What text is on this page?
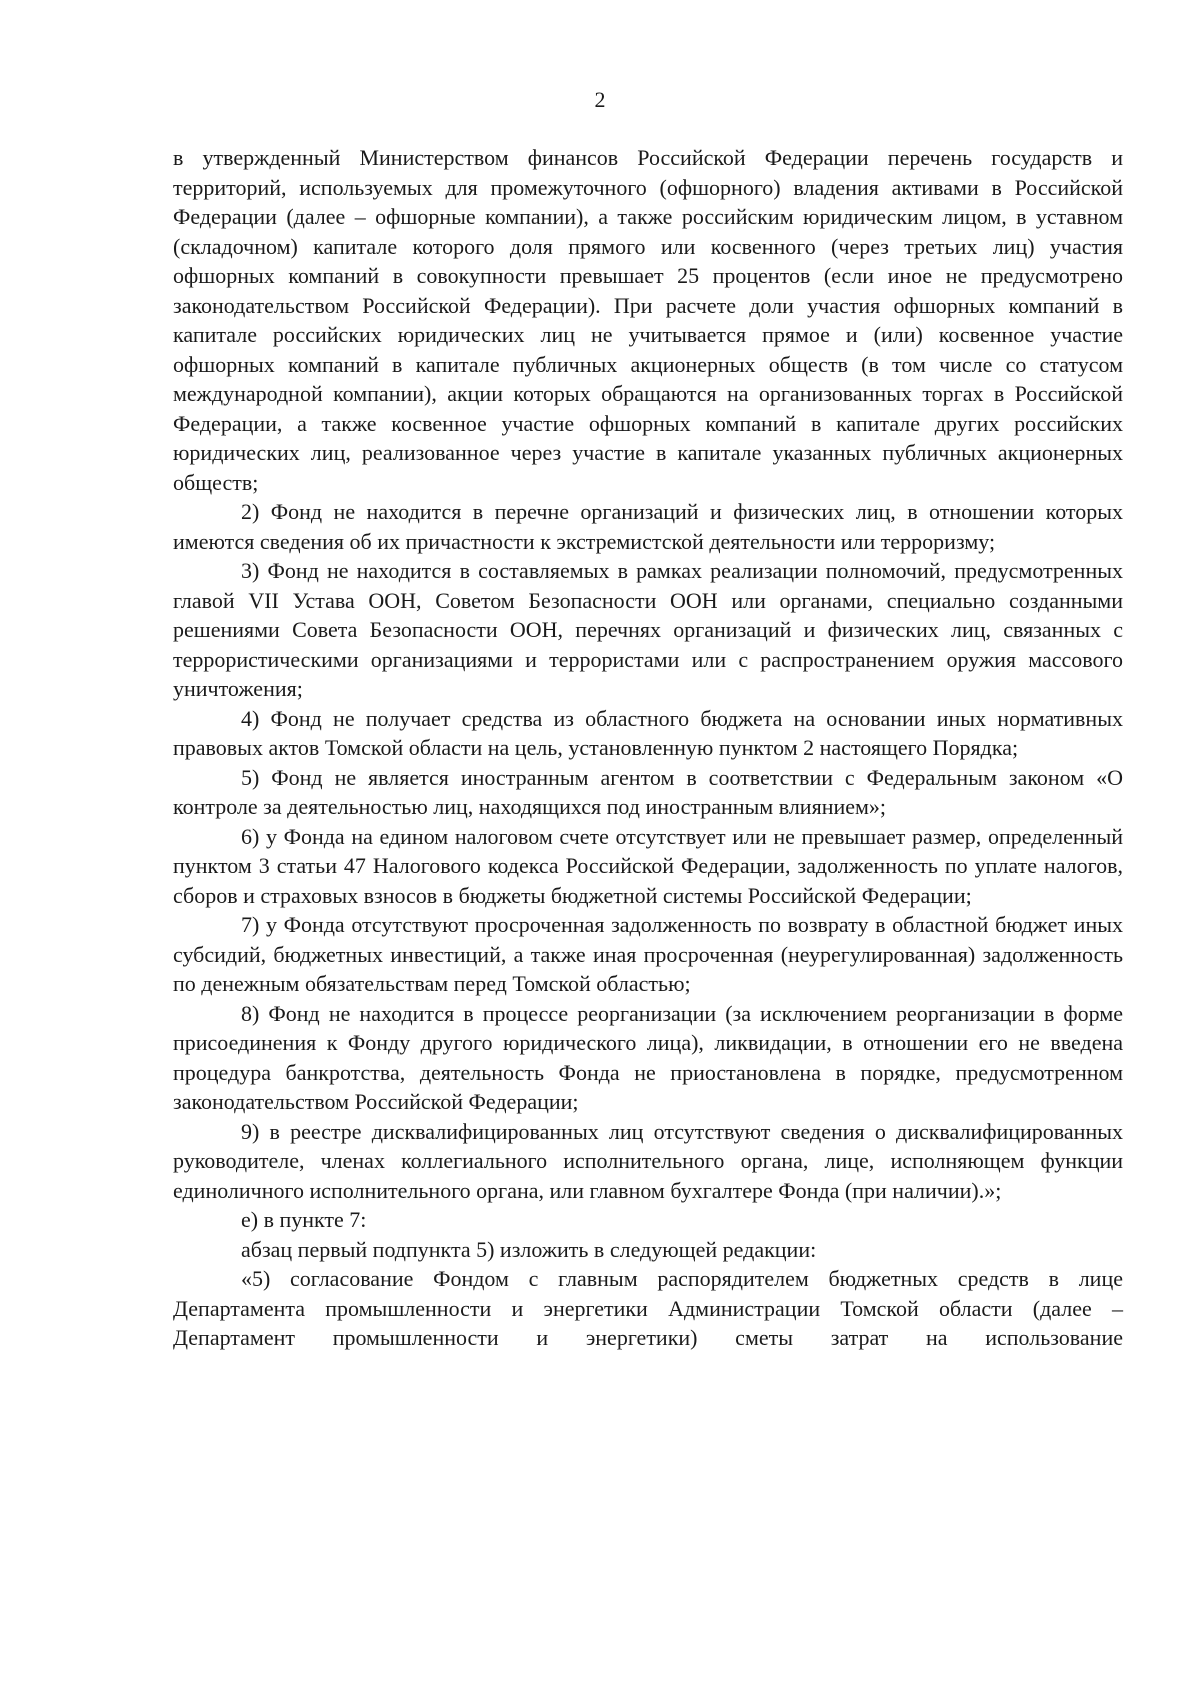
2

в утвержденный Министерством финансов Российской Федерации перечень государств и территорий, используемых для промежуточного (офшорного) владения активами в Российской Федерации (далее – офшорные компании), а также российским юридическим лицом, в уставном (складочном) капитале которого доля прямого или косвенного (через третьих лиц) участия офшорных компаний в совокупности превышает 25 процентов (если иное не предусмотрено законодательством Российской Федерации). При расчете доли участия офшорных компаний в капитале российских юридических лиц не учитывается прямое и (или) косвенное участие офшорных компаний в капитале публичных акционерных обществ (в том числе со статусом международной компании), акции которых обращаются на организованных торгах в Российской Федерации, а также косвенное участие офшорных компаний в капитале других российских юридических лиц, реализованное через участие в капитале указанных публичных акционерных обществ;

2) Фонд не находится в перечне организаций и физических лиц, в отношении которых имеются сведения об их причастности к экстремистской деятельности или терроризму;

3) Фонд не находится в составляемых в рамках реализации полномочий, предусмотренных главой VII Устава ООН, Советом Безопасности ООН или органами, специально созданными решениями Совета Безопасности ООН, перечнях организаций и физических лиц, связанных с террористическими организациями и террористами или с распространением оружия массового уничтожения;

4) Фонд не получает средства из областного бюджета на основании иных нормативных правовых актов Томской области на цель, установленную пунктом 2 настоящего Порядка;

5) Фонд не является иностранным агентом в соответствии с Федеральным законом «О контроле за деятельностью лиц, находящихся под иностранным влиянием»;

6) у Фонда на едином налоговом счете отсутствует или не превышает размер, определенный пунктом 3 статьи 47 Налогового кодекса Российской Федерации, задолженность по уплате налогов, сборов и страховых взносов в бюджеты бюджетной системы Российской Федерации;

7) у Фонда отсутствуют просроченная задолженность по возврату в областной бюджет иных субсидий, бюджетных инвестиций, а также иная просроченная (неурегулированная) задолженность по денежным обязательствам перед Томской областью;

8) Фонд не находится в процессе реорганизации (за исключением реорганизации в форме присоединения к Фонду другого юридического лица), ликвидации, в отношении его не введена процедура банкротства, деятельность Фонда не приостановлена в порядке, предусмотренном законодательством Российской Федерации;

9) в реестре дисквалифицированных лиц отсутствуют сведения о дисквалифицированных руководителе, членах коллегиального исполнительного органа, лице, исполняющем функции единоличного исполнительного органа, или главном бухгалтере Фонда (при наличии).»;

е) в пункте 7:

абзац первый подпункта 5) изложить в следующей редакции:

«5) согласование Фондом с главным распорядителем бюджетных средств в лице Департамента промышленности и энергетики Администрации Томской области (далее – Департамент промышленности и энергетики) сметы затрат на использование
